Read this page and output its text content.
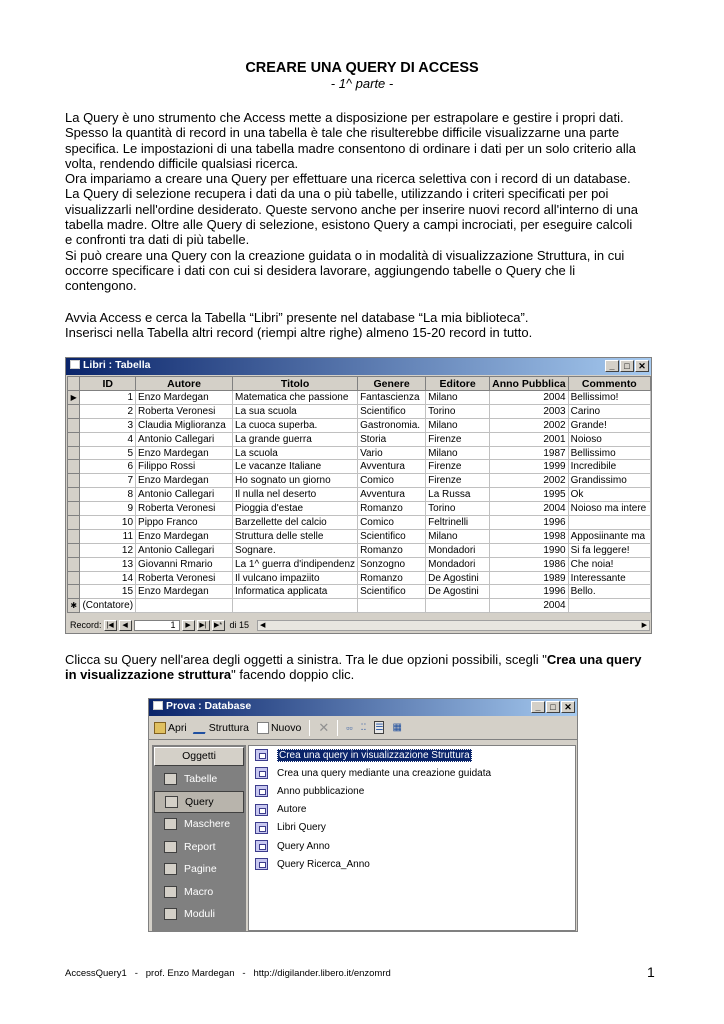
CREARE UNA QUERY DI ACCESS
- 1^ parte -
La Query è uno strumento che Access mette a disposizione per estrapolare e gestire i propri dati.
Spesso la quantità di record in una tabella è tale che risulterebbe difficile visualizzarne una parte
specifica. Le impostazioni di una tabella madre consentono di ordinare i dati per un solo criterio alla
volta, rendendo difficile qualsiasi ricerca.
Ora impariamo a creare una Query per effettuare una ricerca selettiva con i record di un database.
La Query di selezione recupera i dati da una o più tabelle, utilizzando i criteri specificati per poi
visualizzarli nell'ordine desiderato. Queste servono anche per inserire nuovi record all'interno di una
tabella madre. Oltre alle Query di selezione, esistono Query a campi incrociati, per eseguire calcoli
e confronti tra dati di più tabelle.
Si può creare una Query con la creazione guidata o in modalità di visualizzazione Struttura, in cui
occorre specificare i dati con cui si desidera lavorare, aggiungendo tabelle o Query che li
contengono.
Avvia Access e cerca la Tabella “Libri” presente nel database “La mia biblioteca”.
Inserisci nella Tabella altri record (riempi altre righe) almeno 15-20 record in tutto.
Libri : Tabella	_	□ ✕
	ID	Autore	Titolo	Genere	Editore	Anno Pubblica	Commento
▶	1	Enzo Mardegan	Matematica che passione	Fantascienza	Milano	2004	Bellissimo!
	2	Roberta Veronesi	La sua scuola	Scientifico	Torino	2003	Carino
	3	Claudia Miglioranza	La cuoca superba.	Gastronomia.	Milano	2002	Grande!
	4	Antonio Callegari	La grande guerra	Storia	Firenze	2001	Noioso
	5	Enzo Mardegan	La scuola	Vario	Milano	1987	Bellissimo
	6	Filippo Rossi	Le vacanze Italiane	Avventura	Firenze	1999	Incredibile
	7	Enzo Mardegan	Ho sognato un giorno	Comico	Firenze	2002	Grandissimo
	8	Antonio Callegari	Il nulla nel deserto	Avventura	La Russa	1995	Ok
	9	Roberta Veronesi	Pioggia d'estae	Romanzo	Torino	2004	Noioso ma intere
	10	Pippo Franco	Barzellette del calcio	Comico	Feltrinelli	1996	
	11	Enzo Mardegan	Struttura delle stelle	Scientifico	Milano	1998	Apposiinante ma
	12	Antonio Callegari	Sognare.	Romanzo	Mondadori	1990	Si fa leggere!
	13	Giovanni Rmario	La 1^ guerra d'indipendenz	Sonzogno	Mondadori	1986	Che noia!
	14	Roberta Veronesi	Il vulcano impaziito	Romanzo	De Agostini	1989	Interessante
	15	Enzo Mardegan	Informatica applicata	Scientifico	De Agostini	1996	Bello.
✱	(Contatore)					2004	
Record: |◀	◀	1	▶	▶|	▶* di 15 ◀	▶
Clicca su Query nell'area degli oggetti a sinistra. Tra le due opzioni possibili, scegli "Crea una query
in visualizzazione struttura" facendo doppio clic.
Prova : Database	_	□ ✕
Apri Struttura Nuovo ✕ ▫▫ ⁚⁚ ☰ ▦
Oggetti
Tabelle
Query
Maschere
Report
Pagine
Macro
Moduli
Crea una query in visualizzazione Struttura
Crea una query mediante una creazione guidata
Anno pubblicazione
Autore
Libri Query
Query Anno
Query Ricerca_Anno
AccessQuery1   -   prof. Enzo Mardegan   -   http://digilander.libero.it/enzomrd	1
